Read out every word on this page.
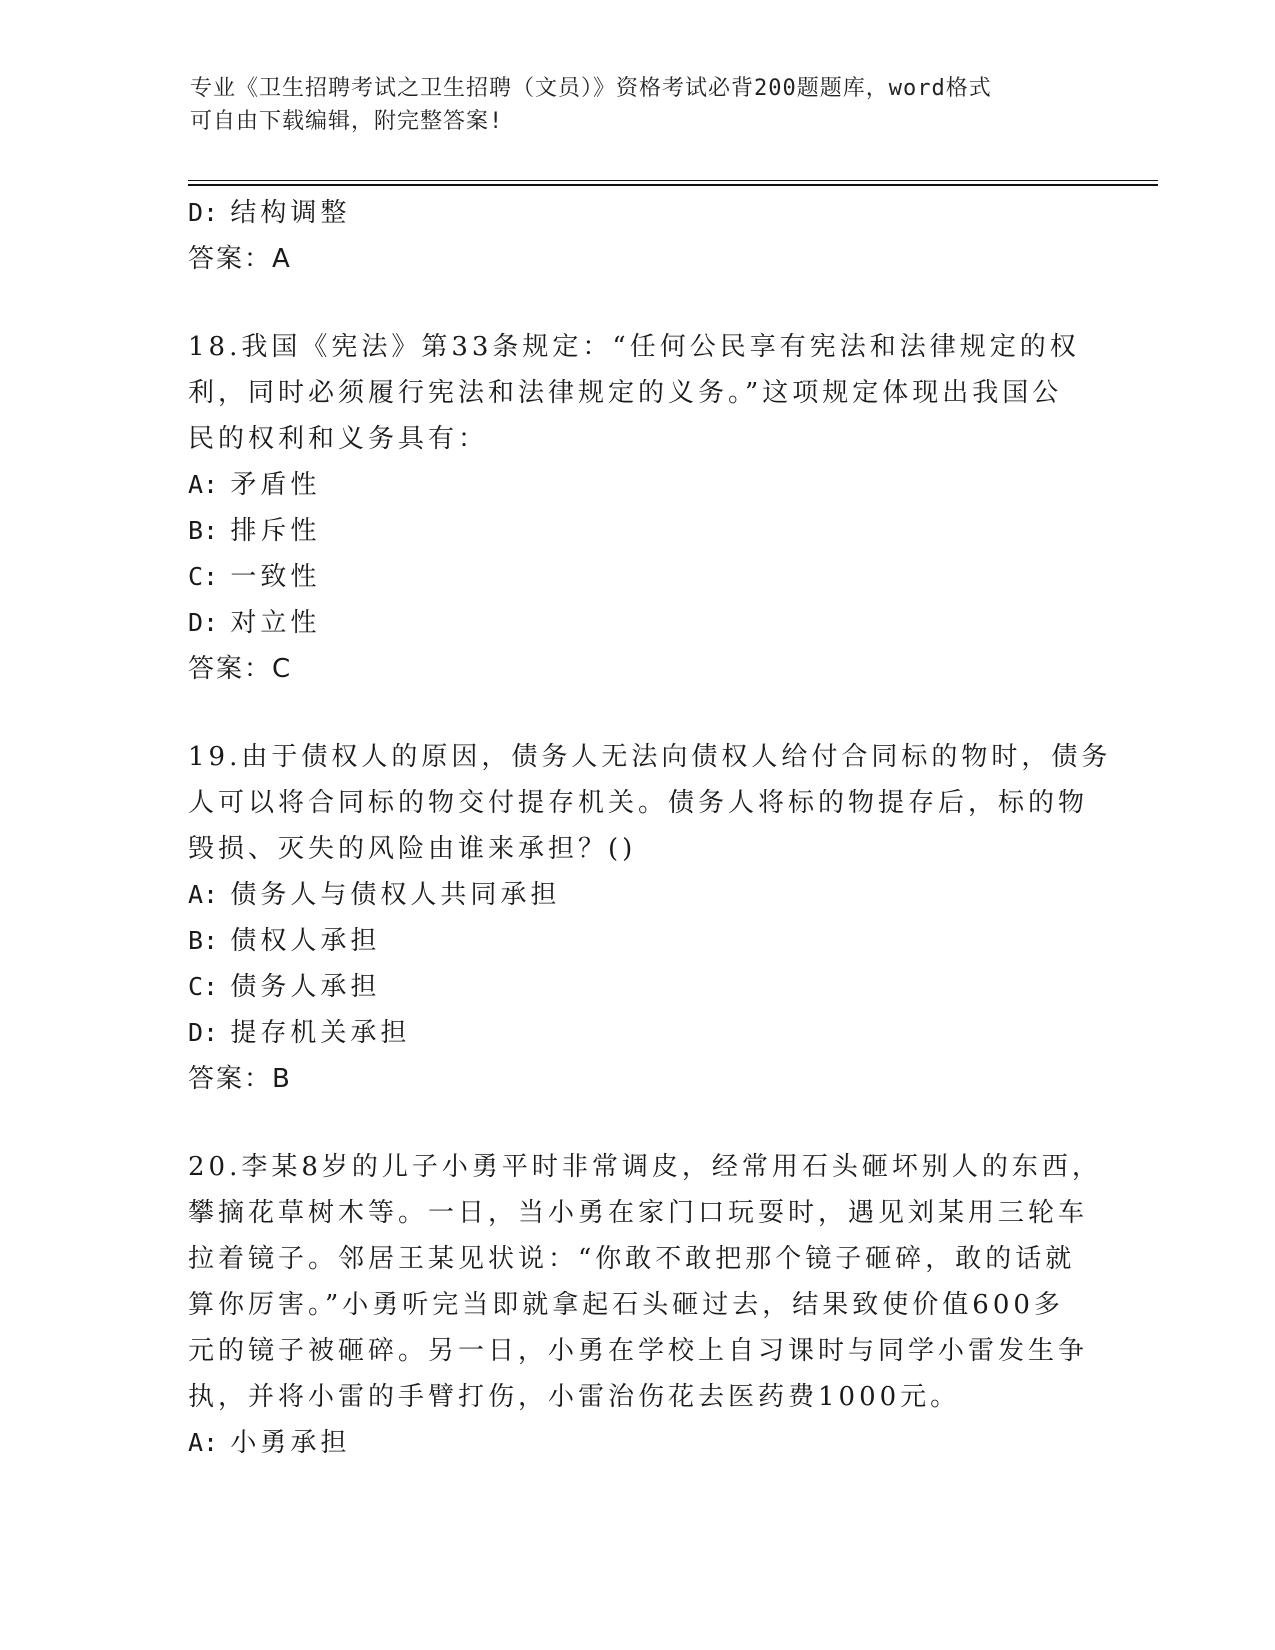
专业《卫生招聘考试之卫生招聘（文员）》资格考试必背200题题库，word格式
可自由下载编辑，附完整答案!

D: 结构调整

答案：A

18.我国《宪法》第33条规定：“任何公民享有宪法和法律规定的权

利，同时必须履行宪法和法律规定的义务。”这项规定体现出我国公

民的权利和义务具有：

A: 矛盾性

B: 排斥性

C: 一致性

D: 对立性

答案：C

19.由于债权人的原因，债务人无法向债权人给付合同标的物时，债务

人可以将合同标的物交付提存机关。债务人将标的物提存后，标的物

毁损、灭失的风险由谁来承担？()

A: 债务人与债权人共同承担

B: 债权人承担

C: 债务人承担

D: 提存机关承担

答案：B

20.李某8岁的儿子小勇平时非常调皮，经常用石头砸坏别人的东西，

攀摘花草树木等。一日，当小勇在家门口玩耍时，遇见刘某用三轮车

拉着镜子。邻居王某见状说：“你敢不敢把那个镜子砸碎，敢的话就

算你厉害。”小勇听完当即就拿起石头砸过去，结果致使价值600多

元的镜子被砸碎。另一日，小勇在学校上自习课时与同学小雷发生争

执，并将小雷的手臂打伤，小雷治伤花去医药费1000元。

A: 小勇承担
